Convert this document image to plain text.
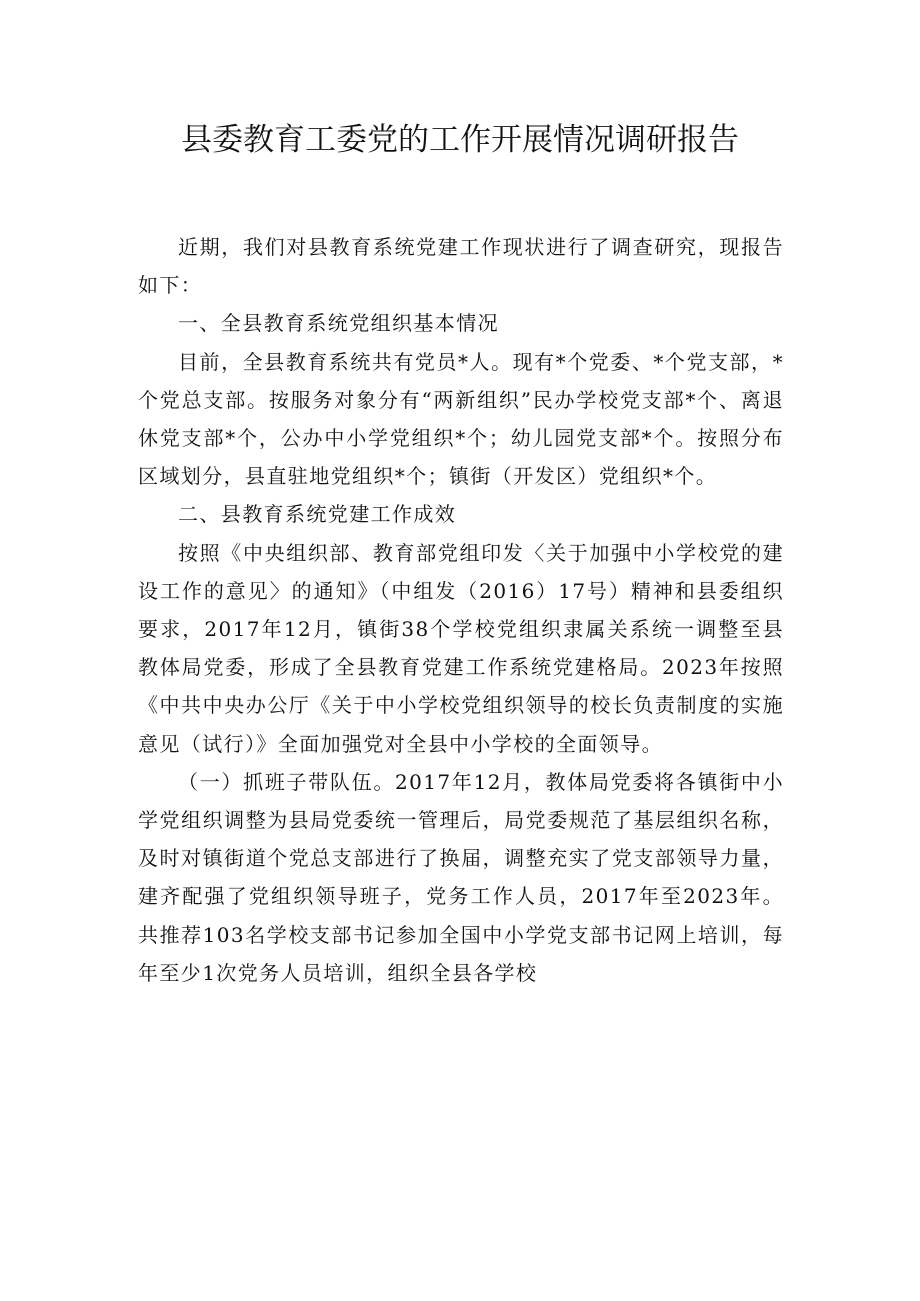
县委教育工委党的工作开展情况调研报告

近期，我们对县教育系统党建工作现状进行了调查研究，现报告如下：

一、全县教育系统党组织基本情况

目前，全县教育系统共有党员*人。现有*个党委、*个党支部，*个党总支部。按服务对象分有“两新组织”民办学校党支部*个、离退休党支部*个，公办中小学党组织*个；幼儿园党支部*个。按照分布区域划分，县直驻地党组织*个；镇街（开发区）党组织*个。

二、县教育系统党建工作成效

按照《中央组织部、教育部党组印发〈关于加强中小学校党的建设工作的意见〉的通知》（中组发（2016）17号）精神和县委组织要求，2017年12月，镇街38个学校党组织隶属关系统一调整至县教体局党委，形成了全县教育党建工作系统党建格局。2023年按照《中共中央办公厅《关于中小学校党组织领导的校长负责制度的实施意见（试行）》全面加强党对全县中小学校的全面领导。

（一）抓班子带队伍。2017年12月，教体局党委将各镇街中小学党组织调整为县局党委统一管理后，局党委规范了基层组织名称，及时对镇街道个党总支部进行了换届，调整充实了党支部领导力量，建齐配强了党组织领导班子，党务工作人员，2017年至2023年。共推荐103名学校支部书记参加全国中小学党支部书记网上培训，每年至少1次党务人员培训，组织全县各学校
